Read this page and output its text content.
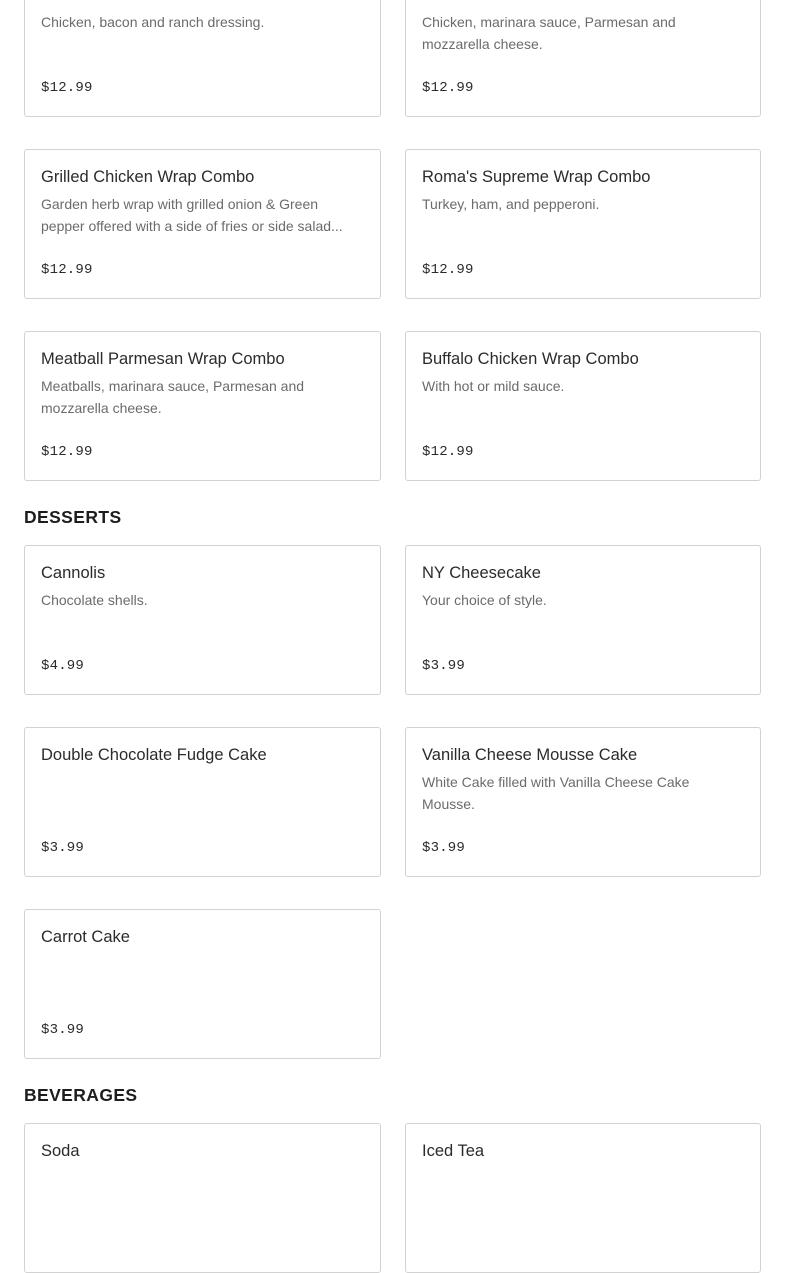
Chicken, bacon and ranch dressing.
$12.99
Chicken, marinara sauce, Parmesan and mozzarella cheese.
$12.99
Grilled Chicken Wrap Combo
Garden herb wrap with grilled onion & Green pepper offered with a side of fries or side salad...
$12.99
Roma's Supreme Wrap Combo
Turkey, ham, and pepperoni.
$12.99
Meatball Parmesan Wrap Combo
Meatballs, marinara sauce, Parmesan and mozzarella cheese.
$12.99
Buffalo Chicken Wrap Combo
With hot or mild sauce.
$12.99
DESSERTS
Cannolis
Chocolate shells.
$4.99
NY Cheesecake
Your choice of style.
$3.99
Double Chocolate Fudge Cake
$3.99
Vanilla Cheese Mousse Cake
White Cake filled with Vanilla Cheese Cake Mousse.
$3.99
Carrot Cake
$3.99
BEVERAGES
Soda	Iced Tea
